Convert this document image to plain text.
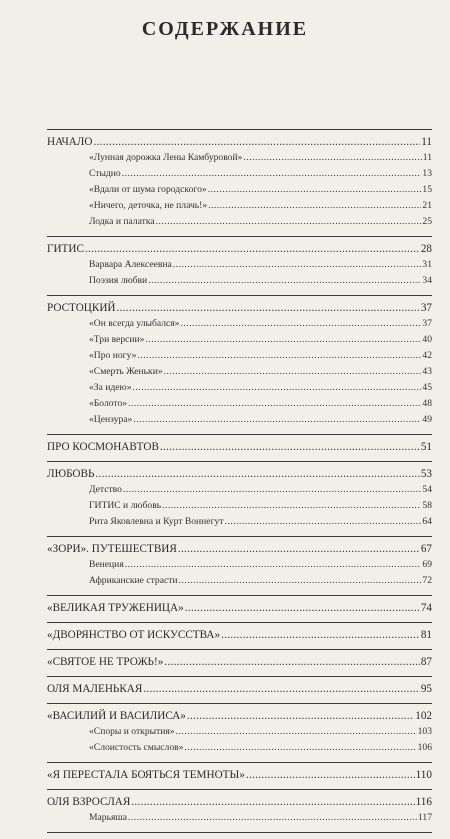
СОДЕРЖАНИЕ

НАЧАЛО .....	11
«Лунная дорожка Лены Камбуровой» .....	11
Стыдно .....	13
«Вдали от шума городского» .....	15
«Ничего, деточка, не плачь!» .....	21
Лодка и палатка .....	25
ГИТИС .....	28
Варвара Алексеевна .....	31
Поэзия любви .....	34
РОСТОЦКИЙ .....	37
«Он всегда улыбался» .....	37
«Три версии» .....	40
«Про ногу» .....	42
«Смерть Женьки» .....	43
«За идею» .....	45
«Болото» .....	48
«Цензура» .....	49
ПРО КОСМОНАВТОВ .....	51
ЛЮБОВЬ .....	53
Детство .....	54
ГИТИС и любовь .....	58
Рита Яковлевна и Курт Воннегут .....	64
«ЗОРИ». ПУТЕШЕСТВИЯ .....	67
Венеция .....	69
Африканские страсти .....	72
«ВЕЛИКАЯ ТРУЖЕНИЦА» .....	74
«ДВОРЯНСТВО ОТ ИСКУССТВА» .....	81
«СВЯТОЕ НЕ ТРОЖЬ!» .....	87
ОЛЯ МАЛЕНЬКАЯ .....	95
«ВАСИЛИЙ И ВАСИЛИСА» .....	102
«Споры и открытия» .....	103
«Слоистость смыслов» .....	106
«Я ПЕРЕСТАЛА БОЯТЬСЯ ТЕМНОТЫ» .....	110
ОЛЯ ВЗРОСЛАЯ .....	116
Марьяша .....	117
